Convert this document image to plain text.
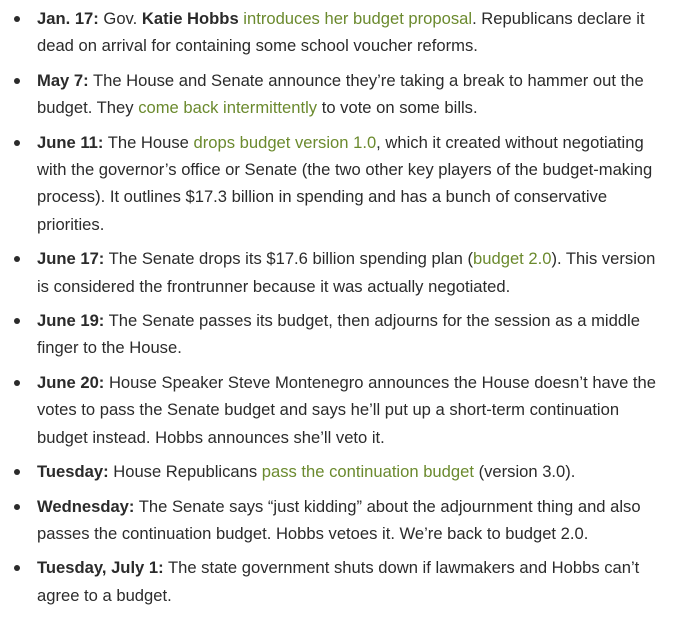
Jan. 17: Gov. Katie Hobbs introduces her budget proposal. Republicans declare it dead on arrival for containing some school voucher reforms.
May 7: The House and Senate announce they’re taking a break to hammer out the budget. They come back intermittently to vote on some bills.
June 11: The House drops budget version 1.0, which it created without negotiating with the governor’s office or Senate (the two other key players of the budget-making process). It outlines $17.3 billion in spending and has a bunch of conservative priorities.
June 17: The Senate drops its $17.6 billion spending plan (budget 2.0). This version is considered the frontrunner because it was actually negotiated.
June 19: The Senate passes its budget, then adjourns for the session as a middle finger to the House.
June 20: House Speaker Steve Montenegro announces the House doesn’t have the votes to pass the Senate budget and says he’ll put up a short-term continuation budget instead. Hobbs announces she’ll veto it.
Tuesday: House Republicans pass the continuation budget (version 3.0).
Wednesday: The Senate says “just kidding” about the adjournment thing and also passes the continuation budget. Hobbs vetoes it. We’re back to budget 2.0.
Tuesday, July 1: The state government shuts down if lawmakers and Hobbs can’t agree to a budget.
